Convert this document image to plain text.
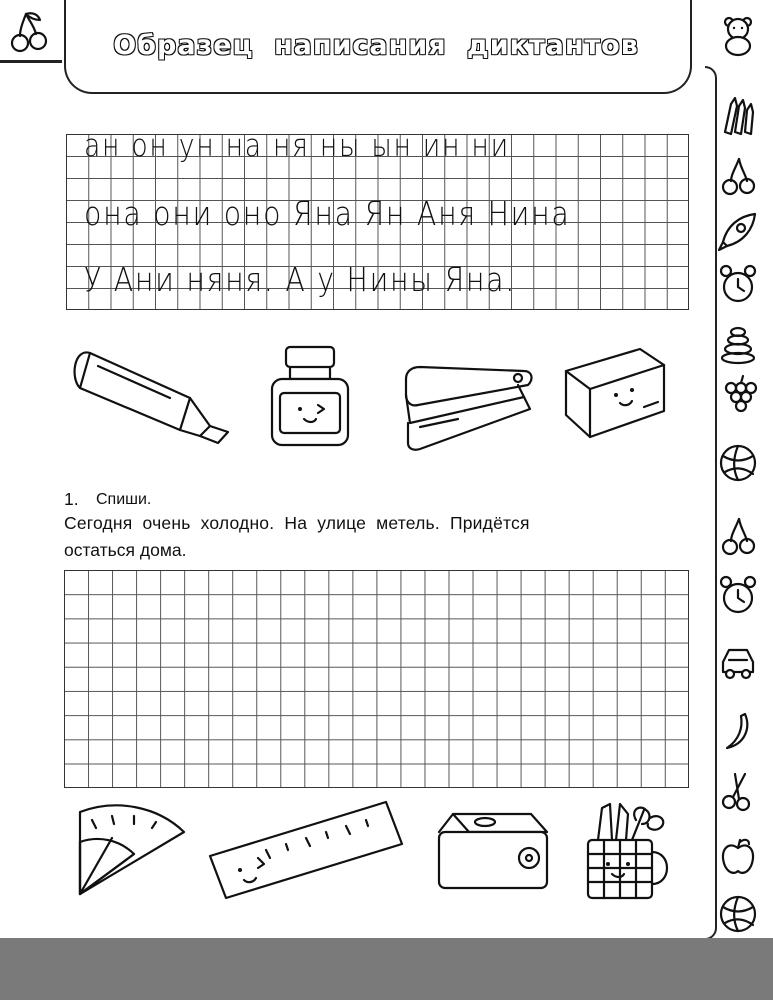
Образец написания диктантов
ан он ун на ня ны ын ин ни
она они оно Яна Ян Аня Нина
У Ани няня. А у Нины Яна.
1. Спиши.
Сегодня очень холодно. На улице метель. Придётся
остаться дома.
